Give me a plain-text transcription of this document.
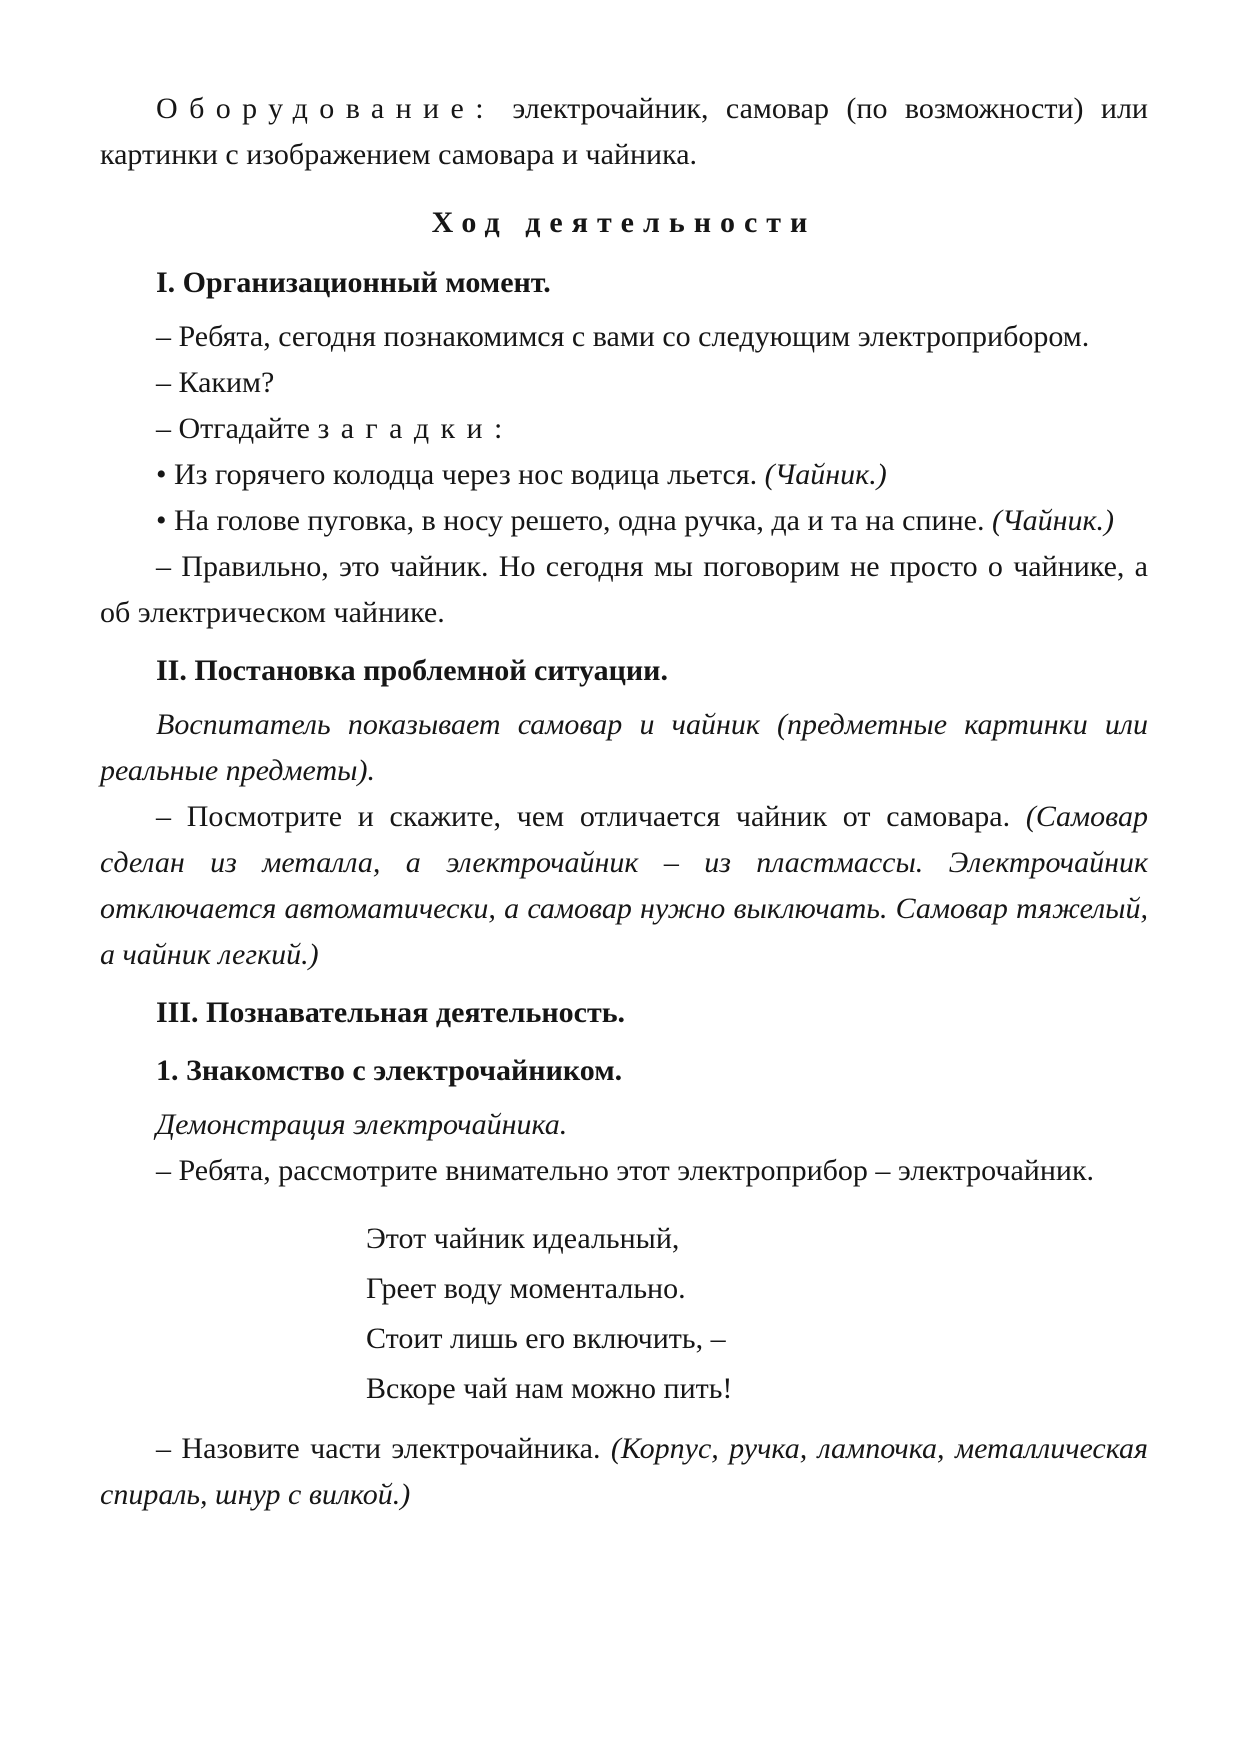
Оборудование: электрочайник, самовар (по возможности) или картинки с изображением самовара и чайника.

Ход деятельности

I. Организационный момент.

– Ребята, сегодня познакомимся с вами со следующим электроприбором.

– Каким?

– Отгадайте загадки:

• Из горячего колодца через нос водица льется. (Чайник.)

• На голове пуговка, в носу решето, одна ручка, да и та на спине. (Чайник.)

– Правильно, это чайник. Но сегодня мы поговорим не просто о чайнике, а об электрическом чайнике.

II. Постановка проблемной ситуации.

Воспитатель показывает самовар и чайник (предметные картинки или реальные предметы).

– Посмотрите и скажите, чем отличается чайник от самовара. (Самовар сделан из металла, а электрочайник – из пластмассы. Электрочайник отключается автоматически, а самовар нужно выключать. Самовар тяжелый, а чайник легкий.)

III. Познавательная деятельность.

1. Знакомство с электрочайником.

Демонстрация электрочайника.

– Ребята, рассмотрите внимательно этот электроприбор – электрочайник.

Этот чайник идеальный,
Греет воду моментально.
Стоит лишь его включить, –
Вскоре чай нам можно пить!

– Назовите части электрочайника. (Корпус, ручка, лампочка, металлическая спираль, шнур с вилкой.)
